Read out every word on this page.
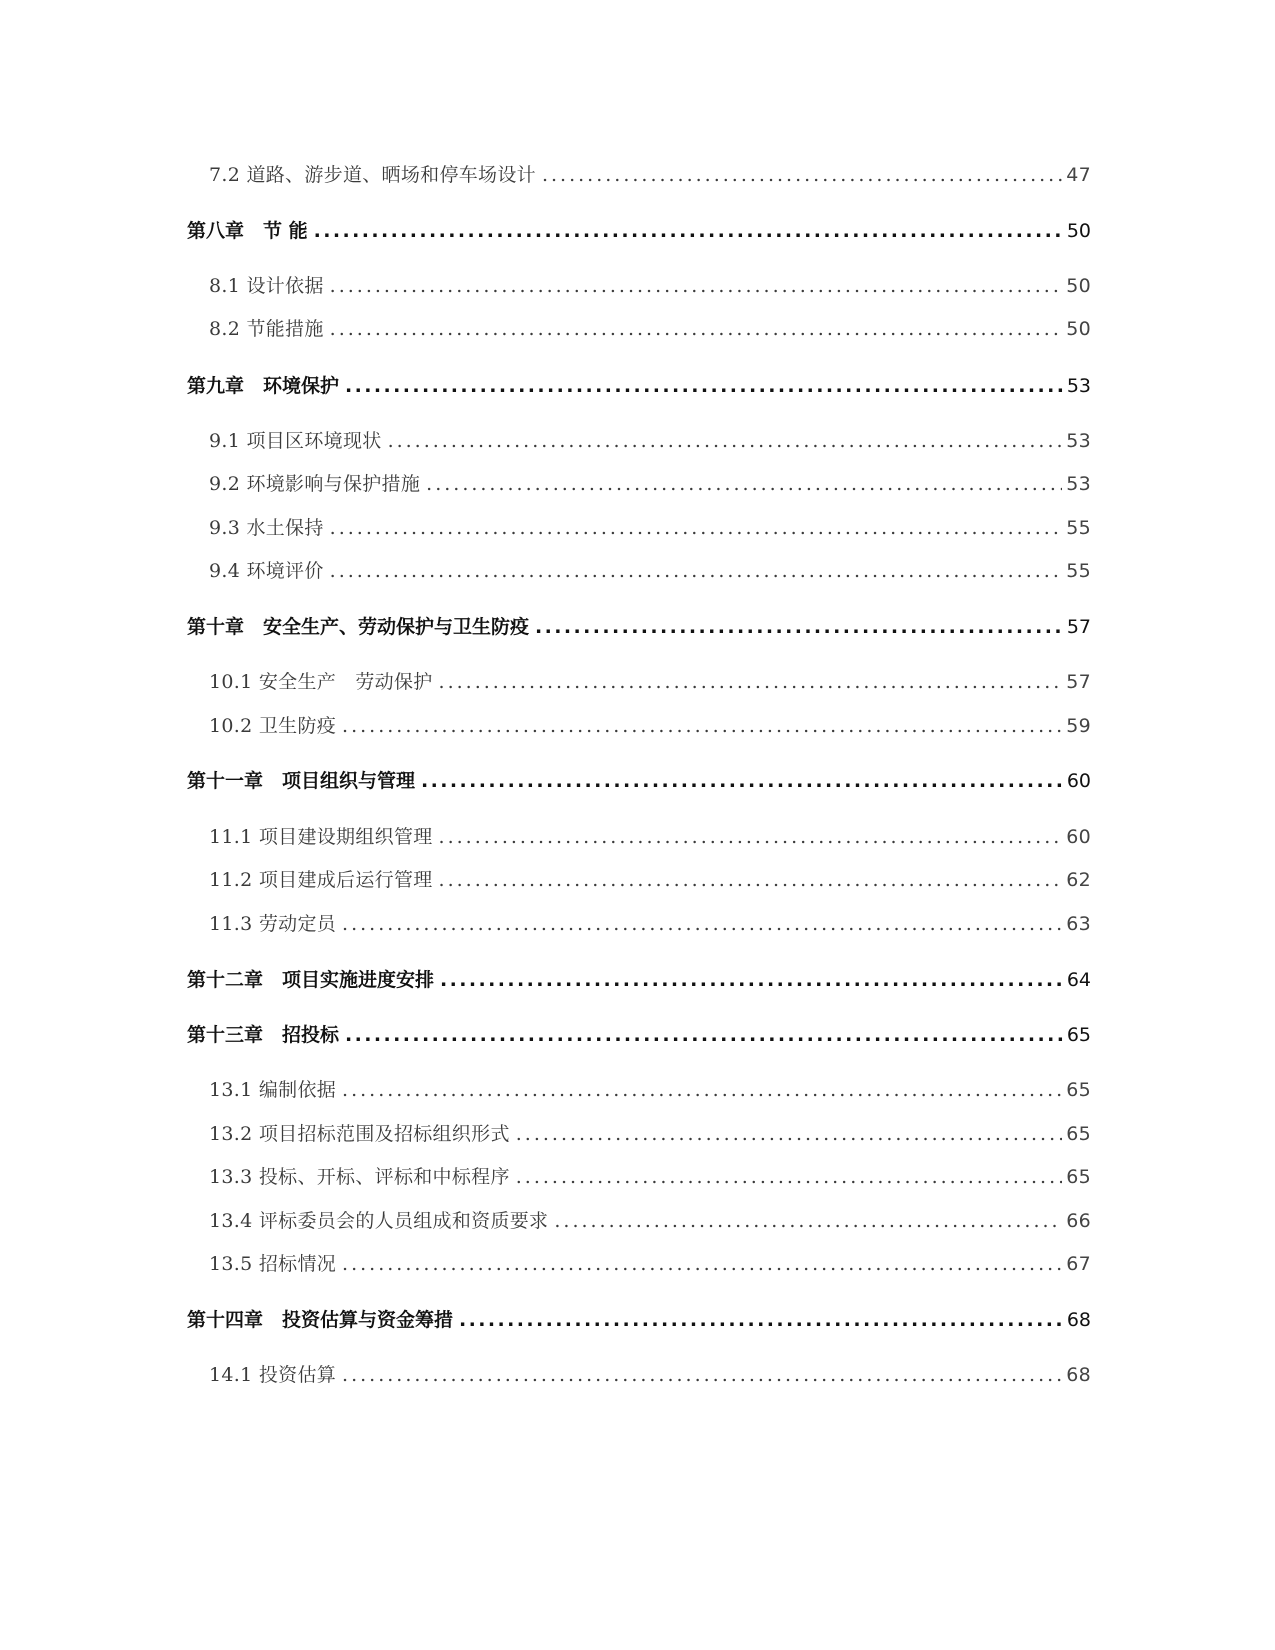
7.2 道路、游步道、晒场和停车场设计 .....	47
第八章　节 能 .....	50
8.1 设计依据 .....	50
8.2 节能措施 .....	50
第九章　环境保护 .....	53
9.1 项目区环境现状 .....	53
9.2 环境影响与保护措施 .....	53
9.3 水土保持 .....	55
9.4 环境评价 .....	55
第十章　安全生产、劳动保护与卫生防疫 .....	57
10.1 安全生产　劳动保护 .....	57
10.2 卫生防疫 .....	59
第十一章　项目组织与管理 .....	60
11.1 项目建设期组织管理 .....	60
11.2 项目建成后运行管理 .....	62
11.3 劳动定员 .....	63
第十二章　项目实施进度安排 .....	64
第十三章　招投标 .....	65
13.1 编制依据 .....	65
13.2 项目招标范围及招标组织形式 .....	65
13.3 投标、开标、评标和中标程序 .....	65
13.4 评标委员会的人员组成和资质要求 .....	66
13.5 招标情况 .....	67
第十四章　投资估算与资金筹措 .....	68
14.1 投资估算 .....	68
